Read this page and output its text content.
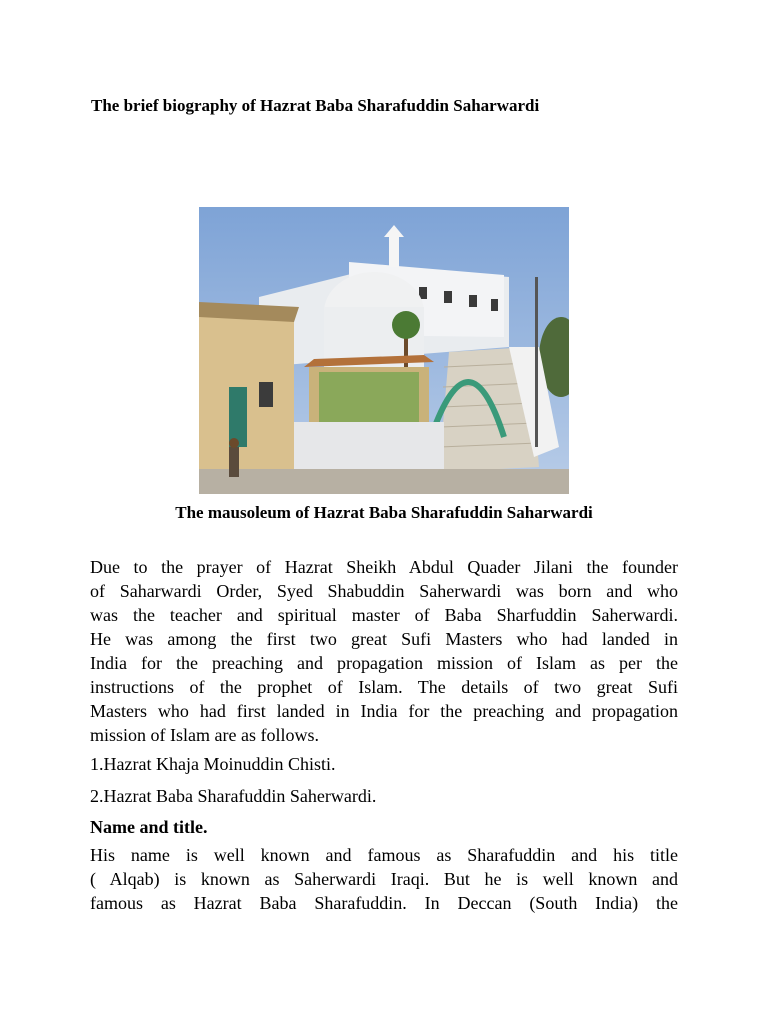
The brief biography of Hazrat Baba Sharafuddin Saharwardi
The mausoleum of Hazrat Baba Sharafuddin Saharwardi
Due to the prayer of Hazrat Sheikh Abdul Quader Jilani the founder
of Saharwardi Order, Syed Shabuddin Saherwardi was born and who
was the teacher and spiritual master of Baba Sharfuddin Saherwardi.
He was among the first two great Sufi Masters who had landed in
India for the preaching and propagation mission of Islam as per the
instructions of the prophet of Islam. The details of two great Sufi
Masters who had first landed in India for the preaching and propagation
mission of Islam are as follows.
1.Hazrat Khaja Moinuddin Chisti.
2.Hazrat Baba Sharafuddin Saherwardi.
Name and title.
His name is well known and famous as Sharafuddin and his title
( Alqab) is known as Saherwardi Iraqi. But he is well known and
famous as Hazrat Baba Sharafuddin. In Deccan (South India) the
